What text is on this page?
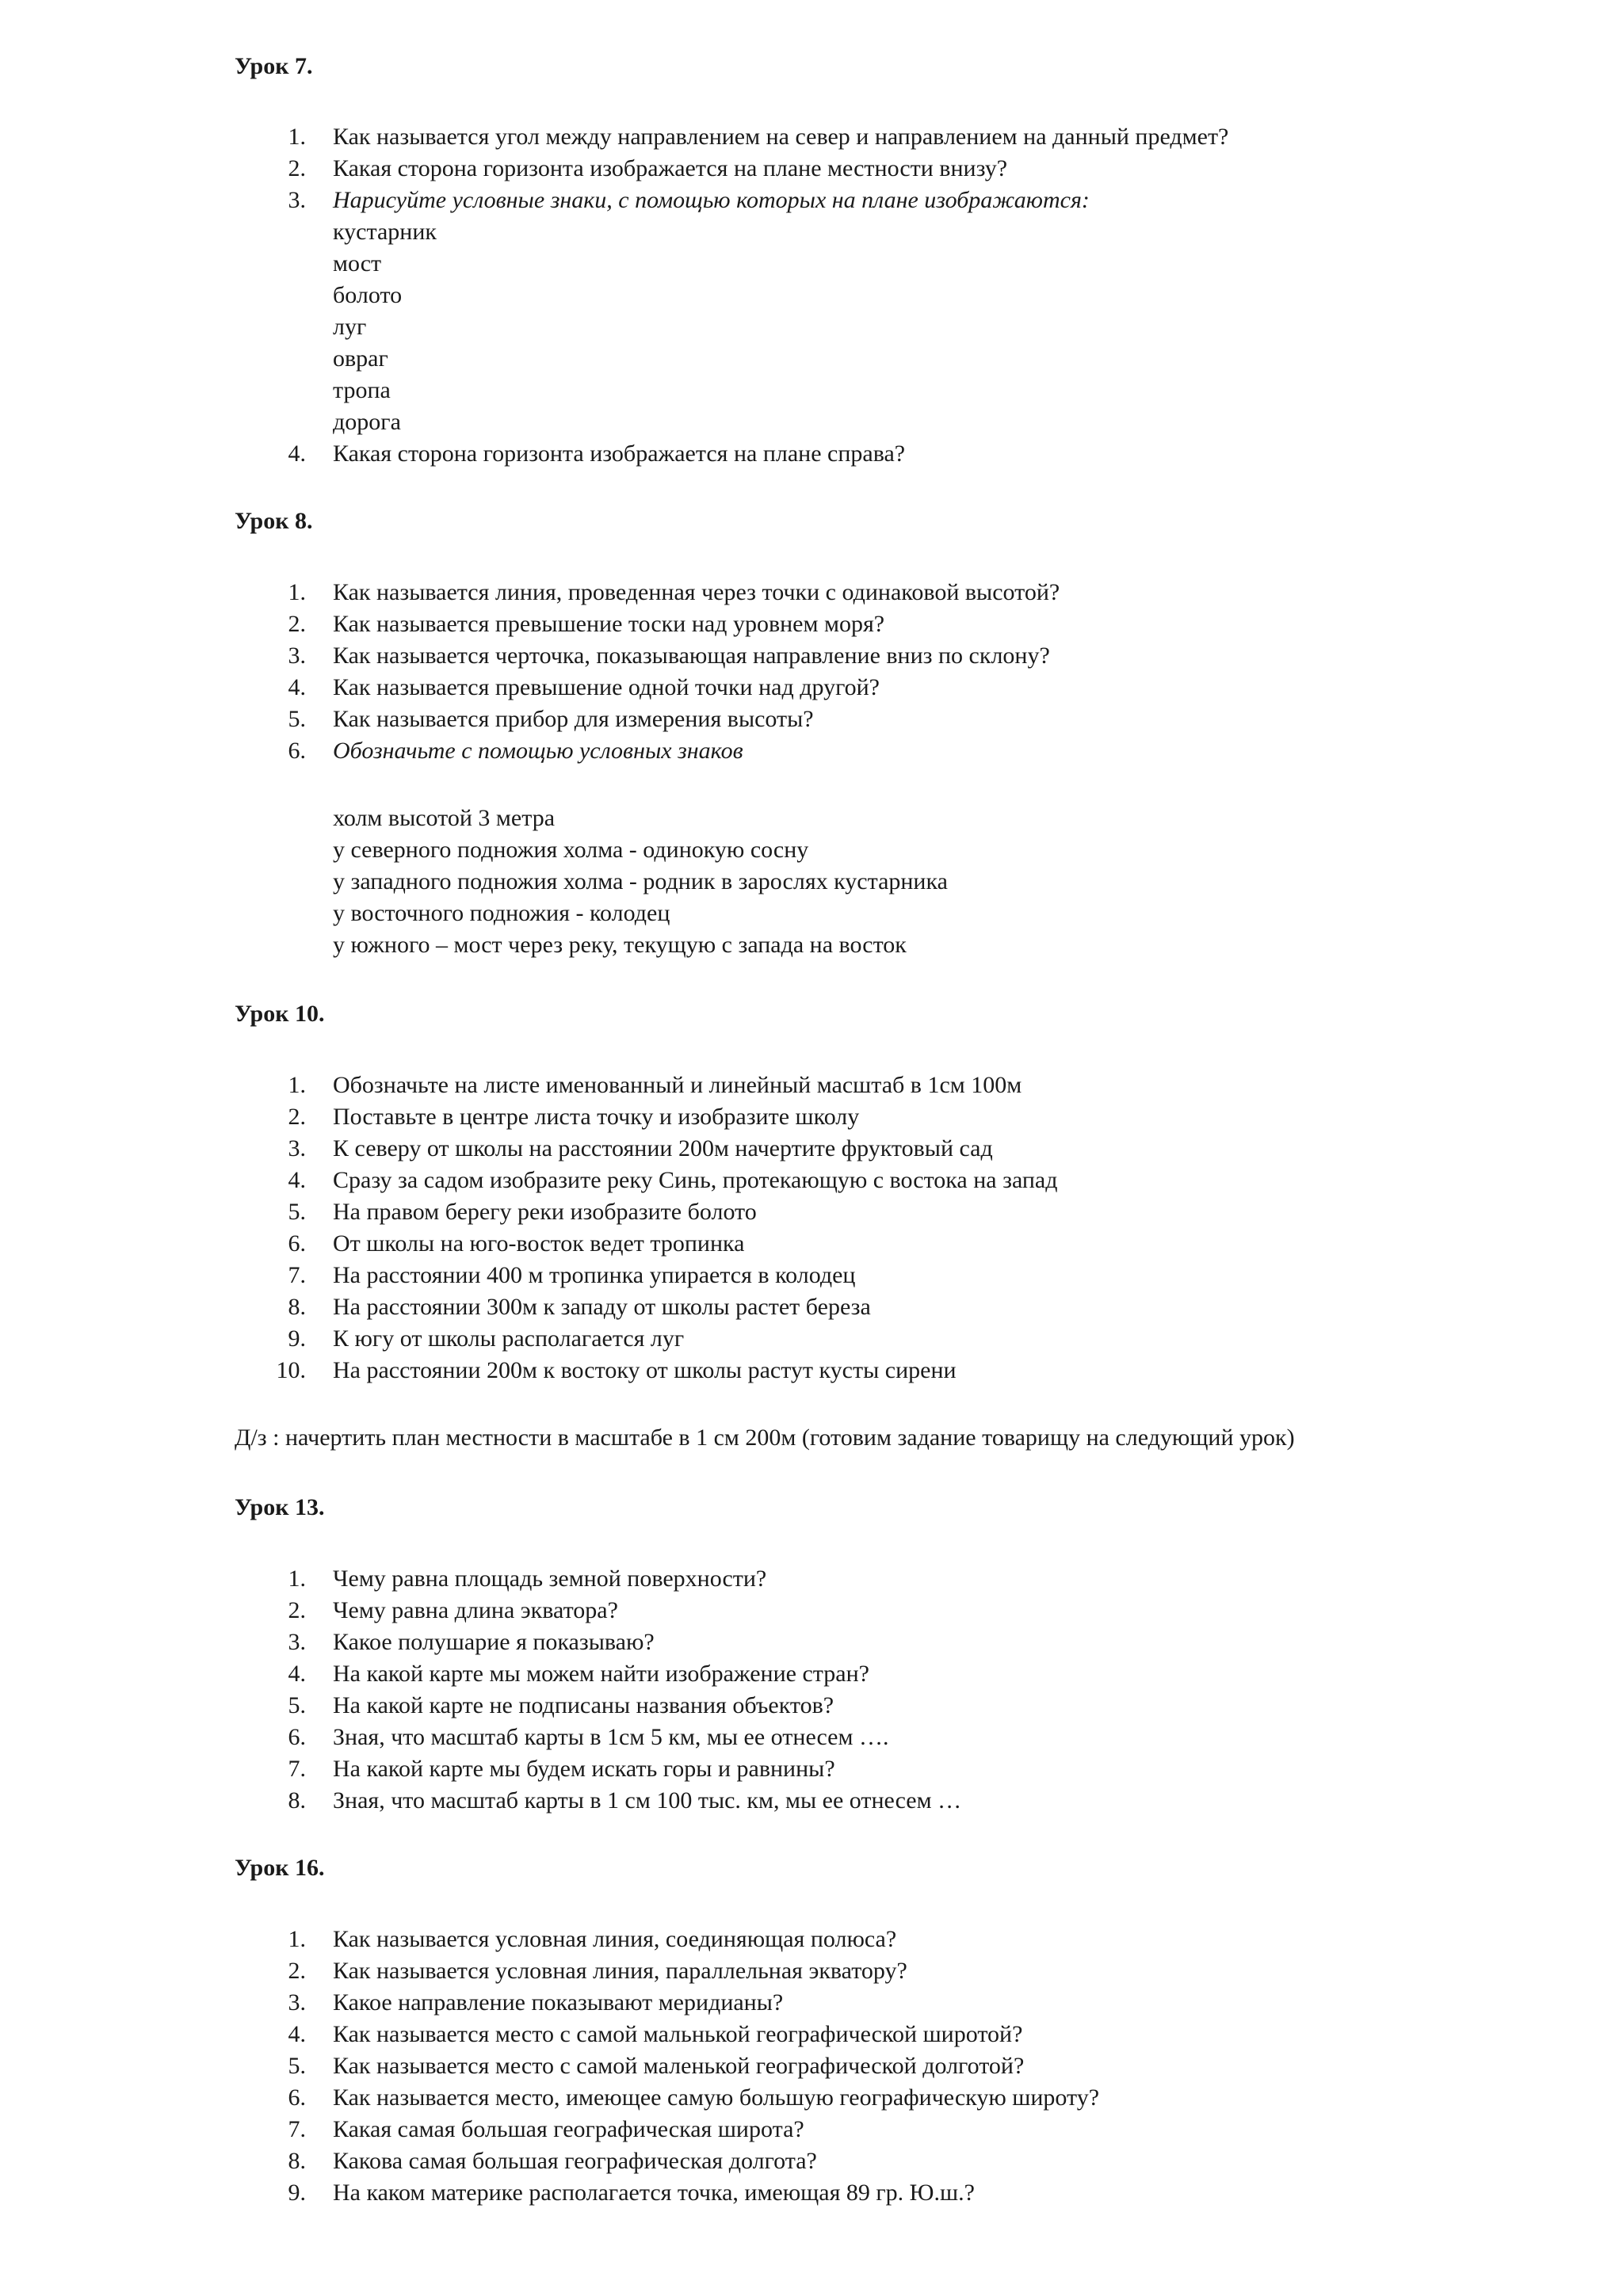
Урок 7.
1. Как называется угол между направлением на север и направлением на данный предмет?
2. Какая сторона горизонта изображается на плане местности внизу?
3. Нарисуйте условные знаки, с помощью которых на плане изображаются:
кустарник
мост
болото
луг
овраг
тропа
дорога
4. Какая сторона горизонта изображается на плане справа?
Урок 8.
1. Как называется линия, проведенная через точки с одинаковой высотой?
2. Как называется превышение тоски над уровнем моря?
3. Как называется черточка, показывающая направление вниз по склону?
4. Как называется превышение одной точки над другой?
5. Как называется прибор для измерения высоты?
6. Обозначьте с помощью условных знаков
холм высотой 3 метра
у северного подножия холма - одинокую сосну
у западного подножия холма - родник в зарослях кустарника
у восточного подножия - колодец
у южного – мост через реку, текущую с запада на восток
Урок 10.
1. Обозначьте на листе именованный и линейный масштаб в 1см 100м
2. Поставьте в центре листа точку и изобразите школу
3. К северу от школы на расстоянии 200м начертите фруктовый сад
4. Сразу за садом изобразите реку Синь, протекающую с востока на запад
5. На правом берегу реки изобразите болото
6. От школы на юго-восток ведет тропинка
7. На расстоянии 400 м тропинка упирается в колодец
8. На расстоянии 300м к западу от школы растет береза
9. К югу от школы располагается луг
10. На расстоянии 200м к востоку от школы растут кусты сирени
Д/з : начертить план местности в масштабе в 1 см 200м (готовим задание товарищу на следующий урок)
Урок 13.
1. Чему равна площадь земной поверхности?
2. Чему равна длина экватора?
3. Какое полушарие я показываю?
4. На какой карте мы можем найти изображение стран?
5. На какой карте не подписаны названия объектов?
6. Зная, что масштаб карты в 1см 5 км, мы ее отнесем ….
7. На какой карте мы будем искать горы и равнины?
8. Зная, что масштаб карты в 1 см 100 тыс. км, мы ее отнесем …
Урок 16.
1. Как называется условная линия, соединяющая полюса?
2. Как называется условная линия, параллельная экватору?
3. Какое направление показывают меридианы?
4. Как называется место с самой мальнькой географической широтой?
5. Как называется место с самой маленькой географической долготой?
6. Как называется место, имеющее самую большую географическую широту?
7. Какая самая большая географическая широта?
8. Какова самая большая географическая долгота?
9. На каком материке располагается точка, имеющая 89 гр. Ю.ш.?
